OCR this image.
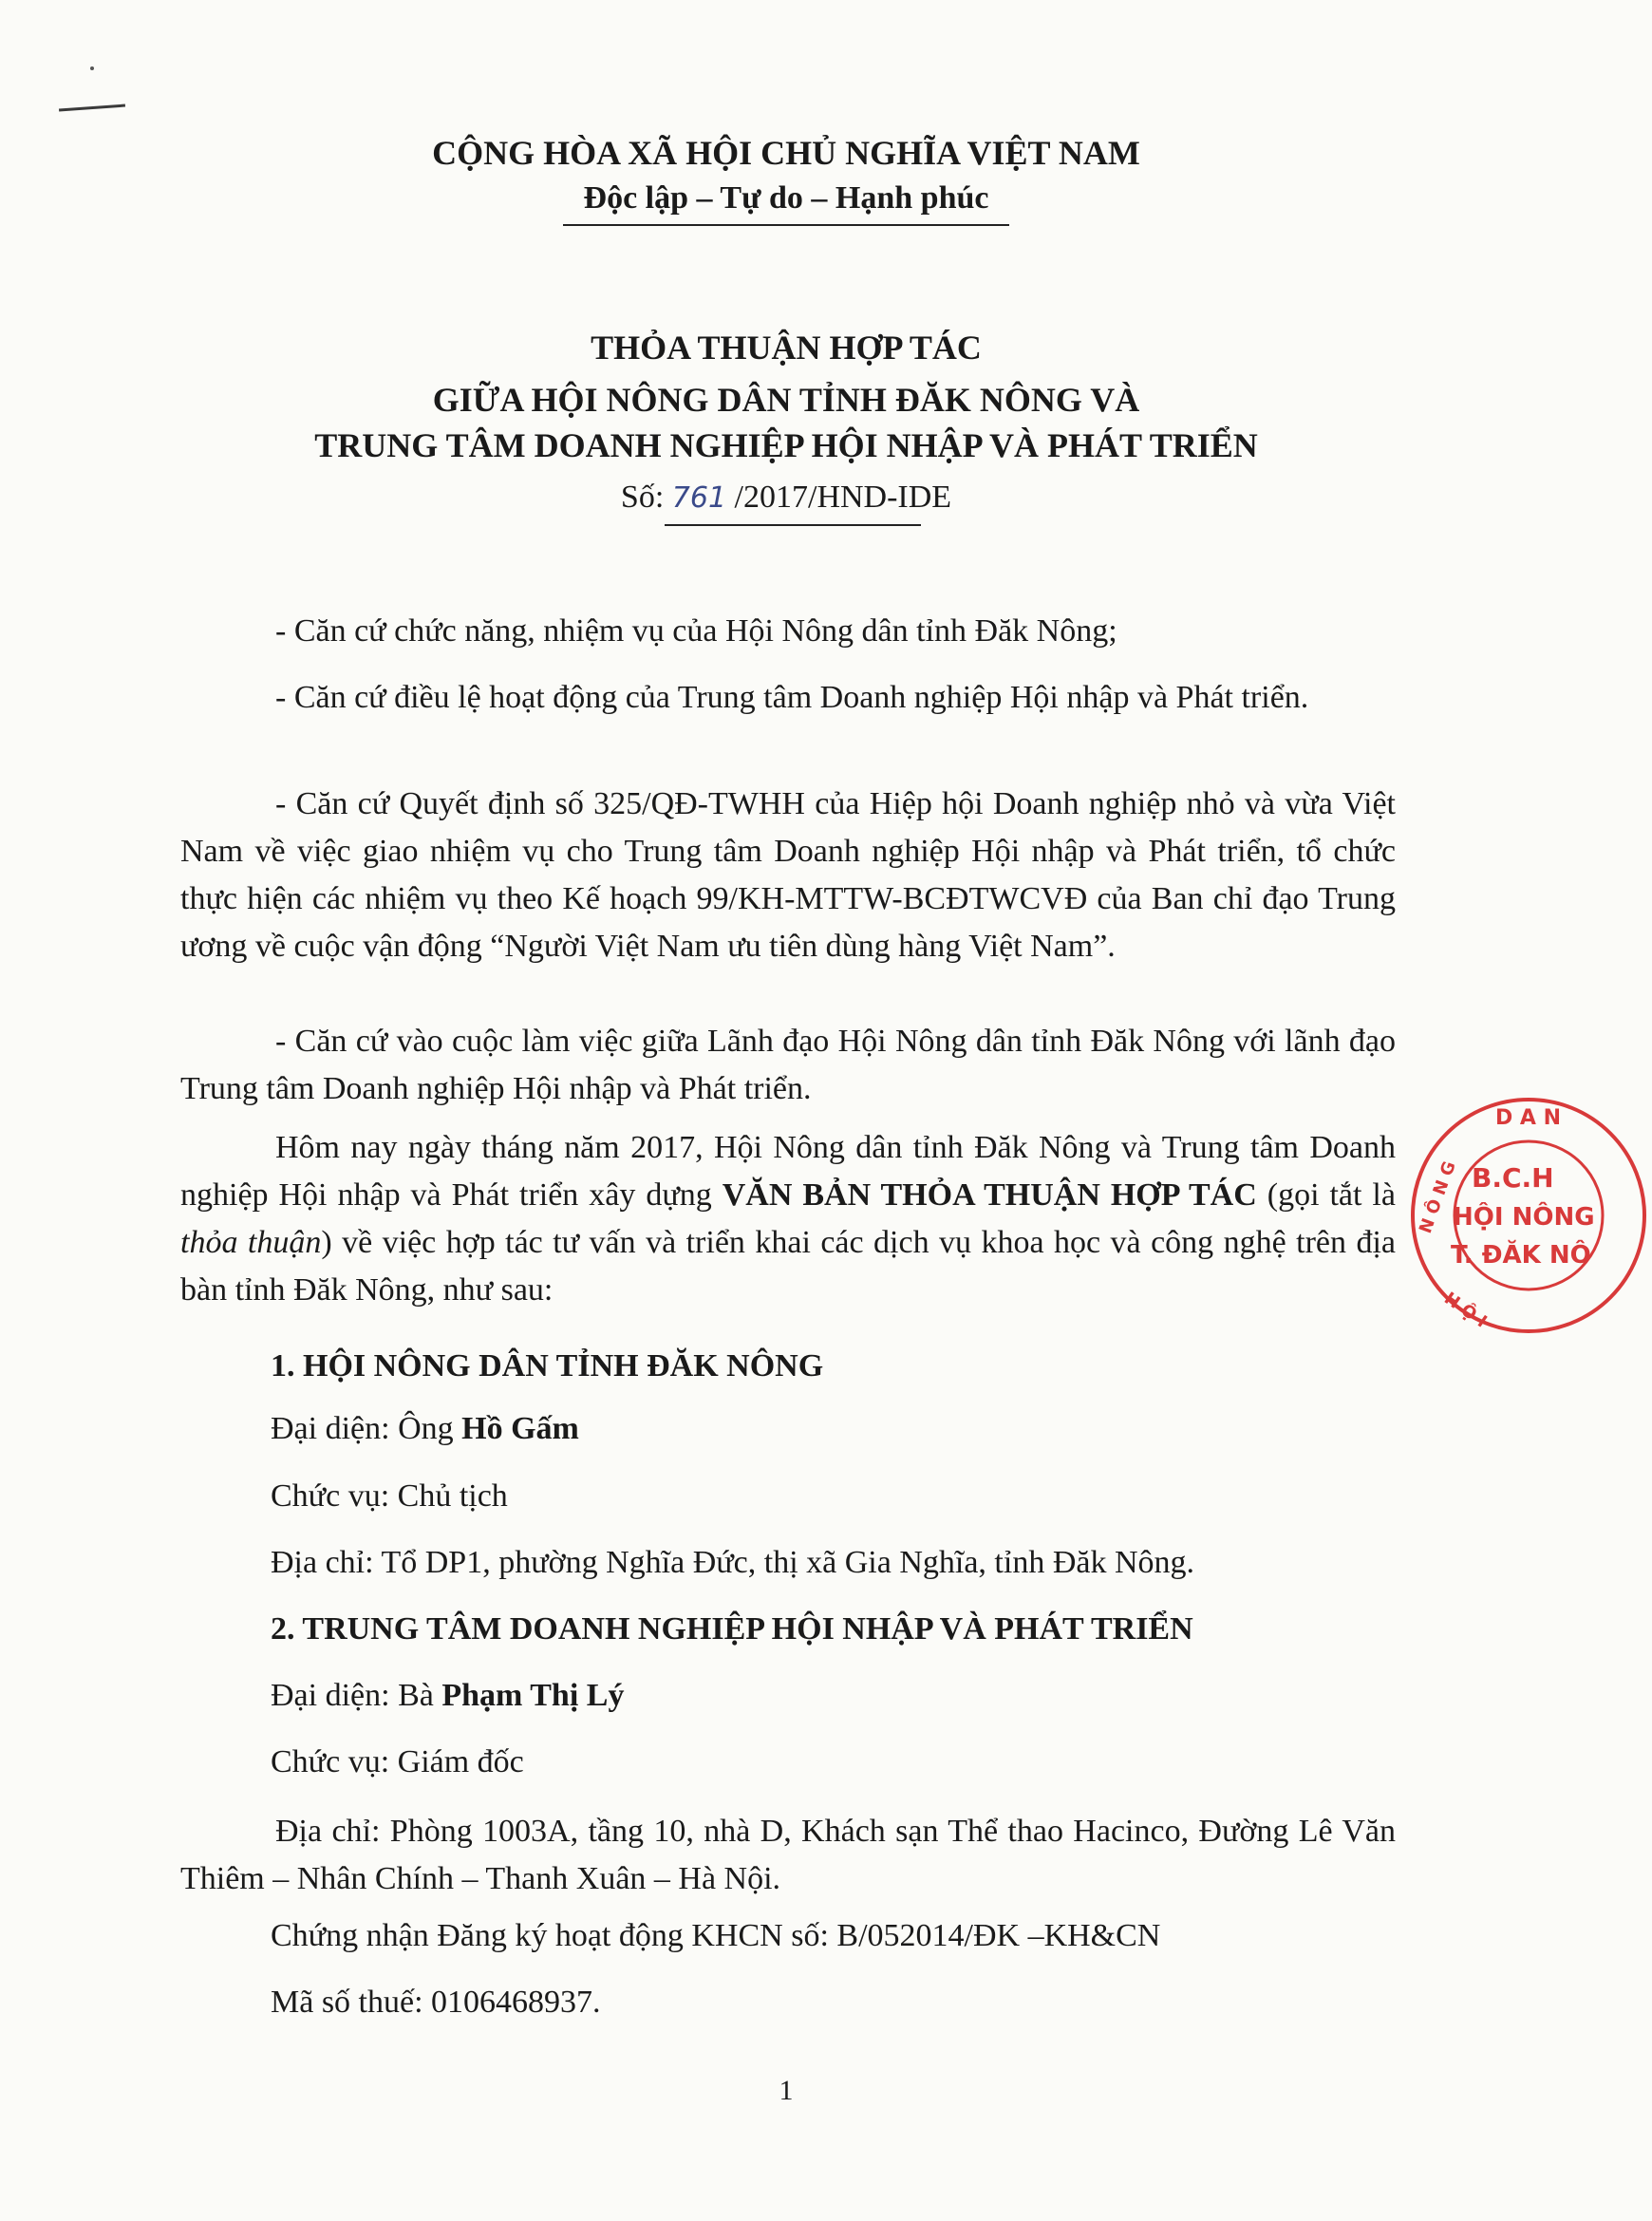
CỘNG HÒA XÃ HỘI CHỦ NGHĨA VIỆT NAM
Độc lập – Tự do – Hạnh phúc
THỎA THUẬN HỢP TÁC
GIỮA HỘI NÔNG DÂN TỈNH ĐĂK NÔNG VÀ
TRUNG TÂM DOANH NGHIỆP HỘI NHẬP VÀ PHÁT TRIỂN
Số: 761 /2017/HND-IDE
- Căn cứ chức năng, nhiệm vụ của Hội Nông dân tỉnh Đăk Nông;
- Căn cứ điều lệ hoạt động của Trung tâm Doanh nghiệp Hội nhập và Phát triển.
- Căn cứ Quyết định số 325/QĐ-TWHH của Hiệp hội Doanh nghiệp nhỏ và vừa Việt Nam về việc giao nhiệm vụ cho Trung tâm Doanh nghiệp Hội nhập và Phát triển, tổ chức thực hiện các nhiệm vụ theo Kế hoạch 99/KH-MTTW-BCĐTWCVĐ của Ban chỉ đạo Trung ương về cuộc vận động “Người Việt Nam ưu tiên dùng hàng Việt Nam”.
- Căn cứ vào cuộc làm việc giữa Lãnh đạo Hội Nông dân tỉnh Đăk Nông với lãnh đạo Trung tâm Doanh nghiệp Hội nhập và Phát triển.
Hôm nay ngày tháng năm 2017, Hội Nông dân tỉnh Đăk Nông và Trung tâm Doanh nghiệp Hội nhập và Phát triển xây dựng VĂN BẢN THỎA THUẬN HỢP TÁC (gọi tắt là thỏa thuận) về việc hợp tác tư vấn và triển khai các dịch vụ khoa học và công nghệ trên địa bàn tỉnh Đăk Nông, như sau:
1. HỘI NÔNG DÂN TỈNH ĐĂK NÔNG
Đại diện: Ông Hồ Gấm
Chức vụ: Chủ tịch
Địa chỉ: Tổ DP1, phường Nghĩa Đức, thị xã Gia Nghĩa, tỉnh Đăk Nông.
2. TRUNG TÂM DOANH NGHIỆP HỘI NHẬP VÀ PHÁT TRIỂN
Đại diện: Bà Phạm Thị Lý
Chức vụ: Giám đốc
Địa chỉ: Phòng 1003A, tầng 10, nhà D, Khách sạn Thể thao Hacinco, Đường Lê Văn Thiêm – Nhân Chính – Thanh Xuân – Hà Nội.
Chứng nhận Đăng ký hoạt động KHCN số: B/052014/ĐK –KH&CN
Mã số thuế: 0106468937.
1
D A N
N Ô N G B.C.H
HỘI NÔNG
T. ĐĂK NÔ
H Ộ I
